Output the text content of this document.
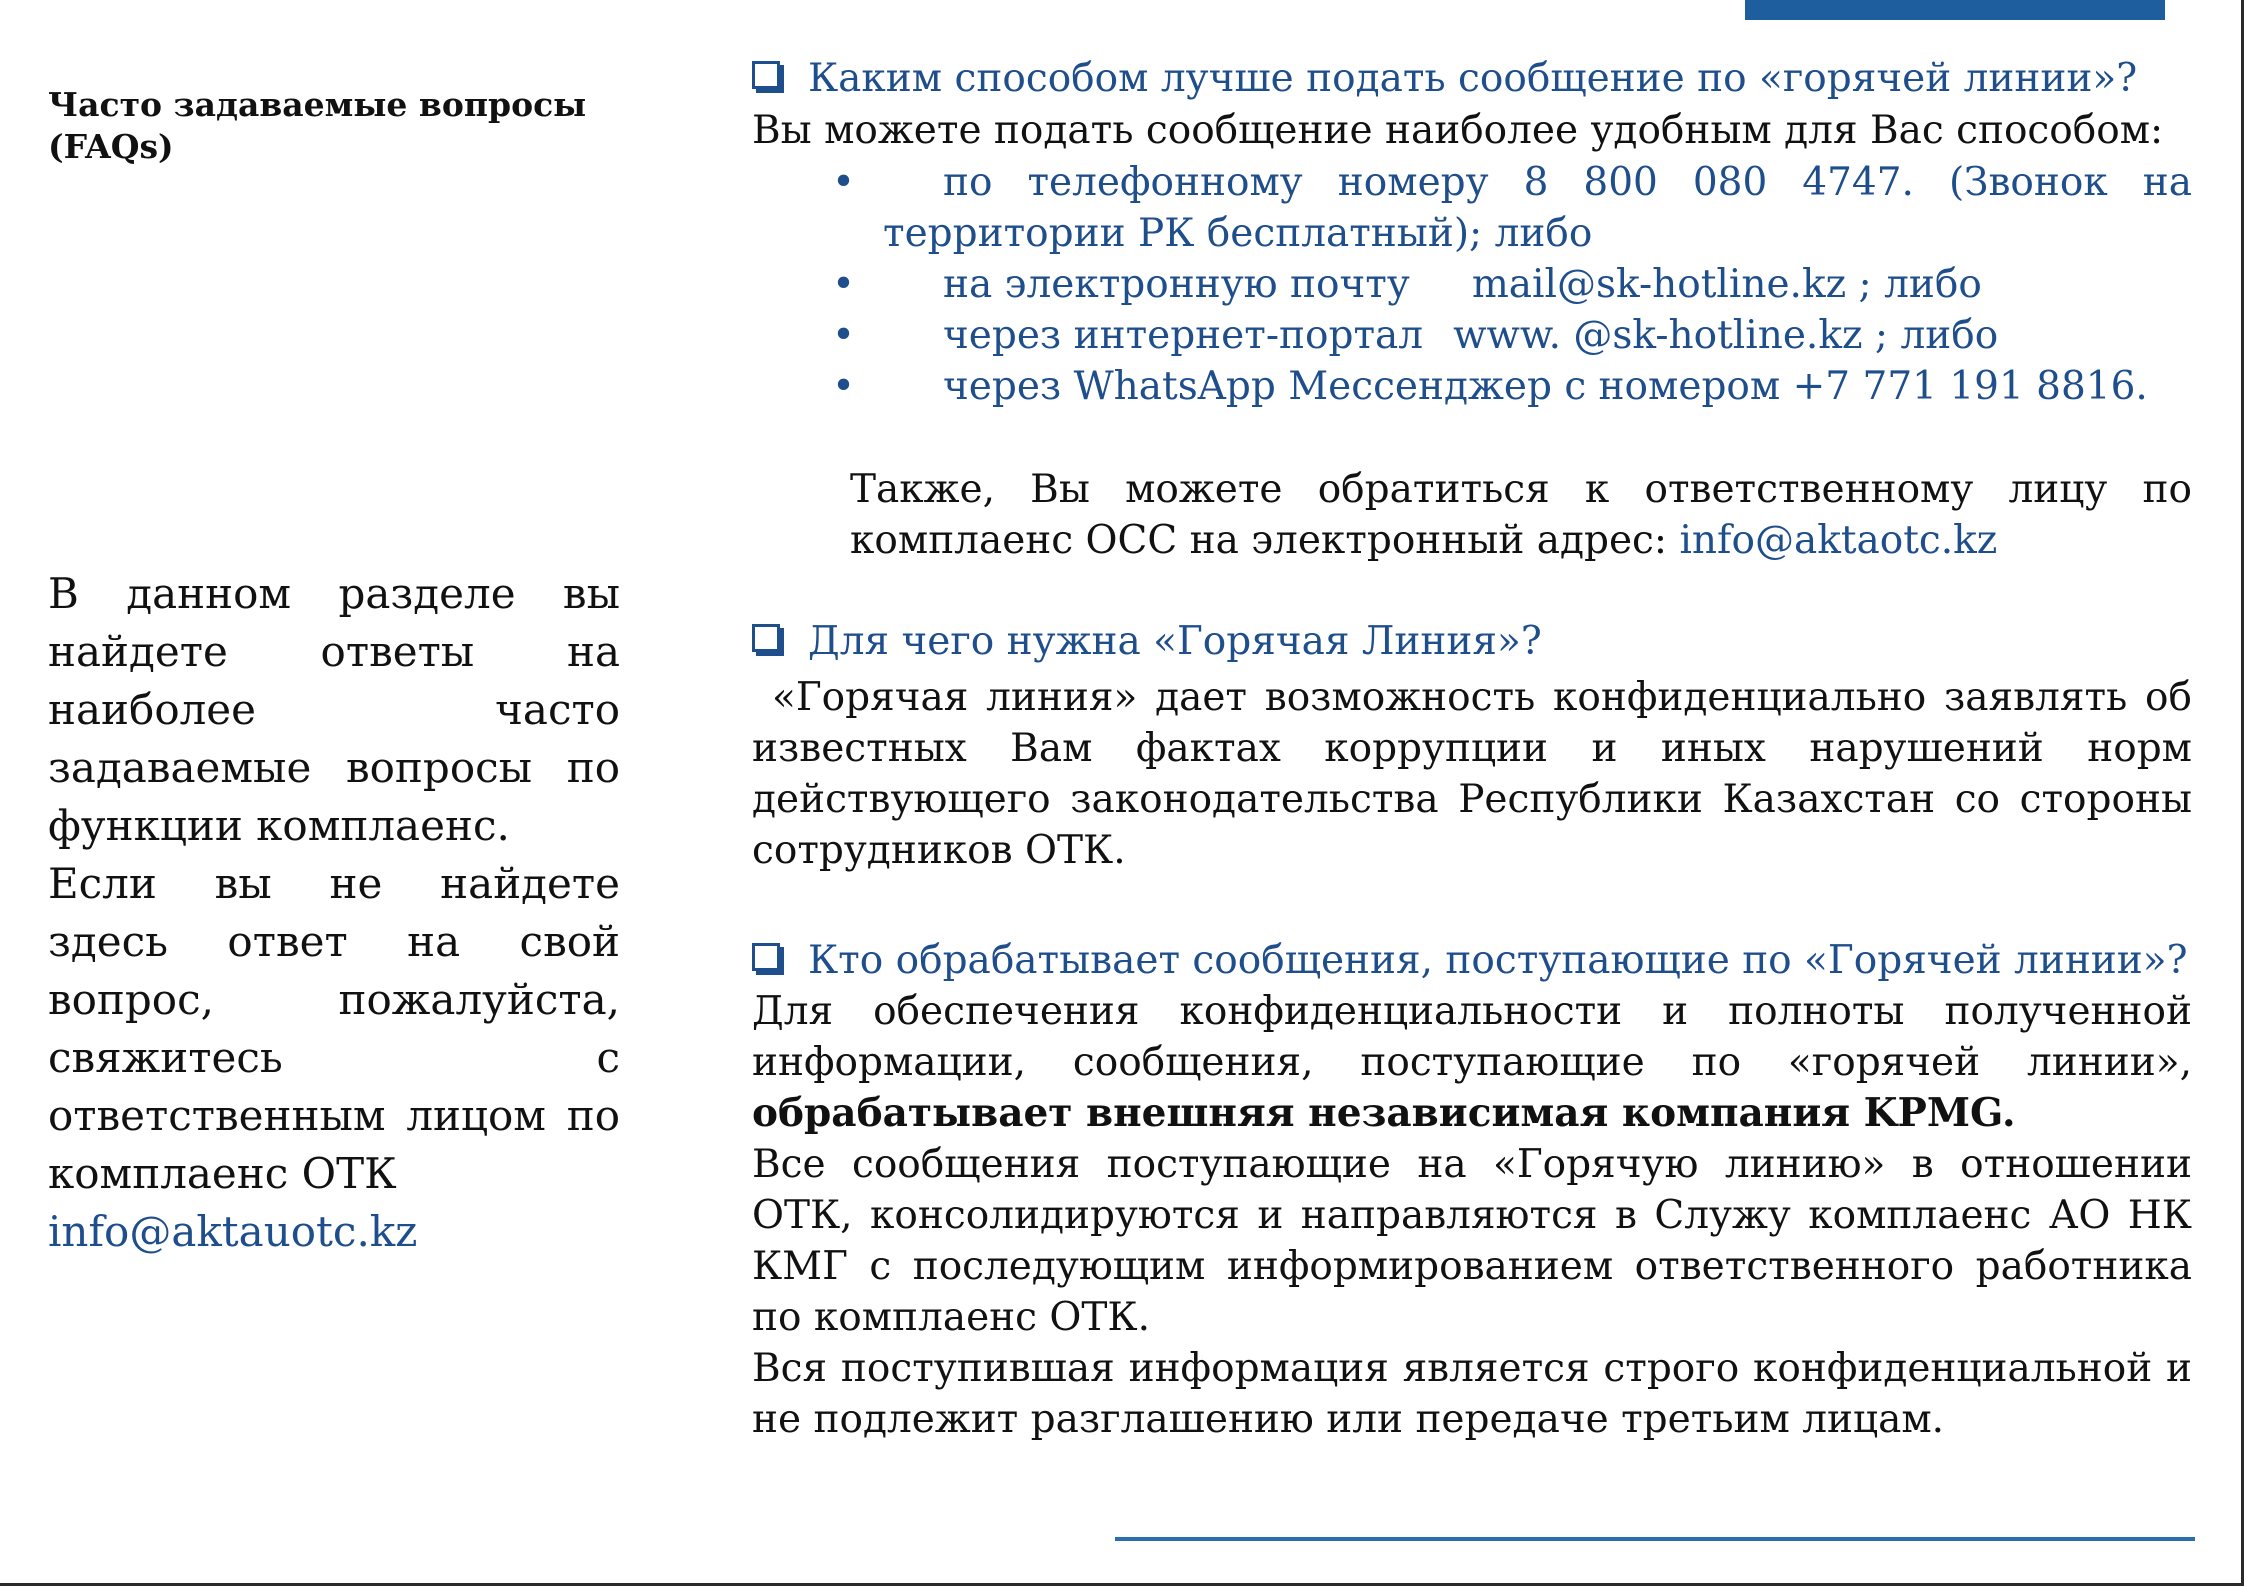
Часто задаваемые вопросы (FAQs)

В данном разделе вы найдете ответы на наиболее часто задаваемые вопросы по функции комплаенс.

Если вы не найдете здесь ответ на свой вопрос, пожалуйста, свяжитесь с ответственным лицом по комплаенс ОТК

info@aktauotc.kz

Каким способом лучше подать сообщение по «горячей линии»?

Вы можете подать сообщение наиболее удобным для Вас способом:

•	по телефонному номеру 8 800 080 4747. (Звонок на
территории РК бесплатный); либо
•	на электронную почту mail@sk-hotline.kz ; либо
•	через интернет-портал www. @sk-hotline.kz ; либо
•	через WhatsApp Мессенджер с номером +7 771 191 8816.

Также, Вы можете обратиться к ответственному лицу по комплаенс ОСС на электронный адрес: info@aktaotc.kz

Для чего нужна «Горячая Линия»?

«Горячая линия» дает возможность конфиденциально заявлять об известных Вам фактах коррупции и иных нарушений норм действующего законодательства Республики Казахстан со стороны сотрудников ОТК.

Кто обрабатывает сообщения, поступающие по «Горячей линии»?

Для обеспечения конфиденциальности и полноты полученной информации, сообщения, поступающие по «горячей линии», обрабатывает внешняя независимая компания KPMG.

Все сообщения поступающие на «Горячую линию» в отношении ОТК, консолидируются и направляются в Служу комплаенс АО НК КМГ с последующим информированием ответственного работника по комплаенс ОТК.

Вся поступившая информация является строго конфиденциальной и не подлежит разглашению или передаче третьим лицам.
